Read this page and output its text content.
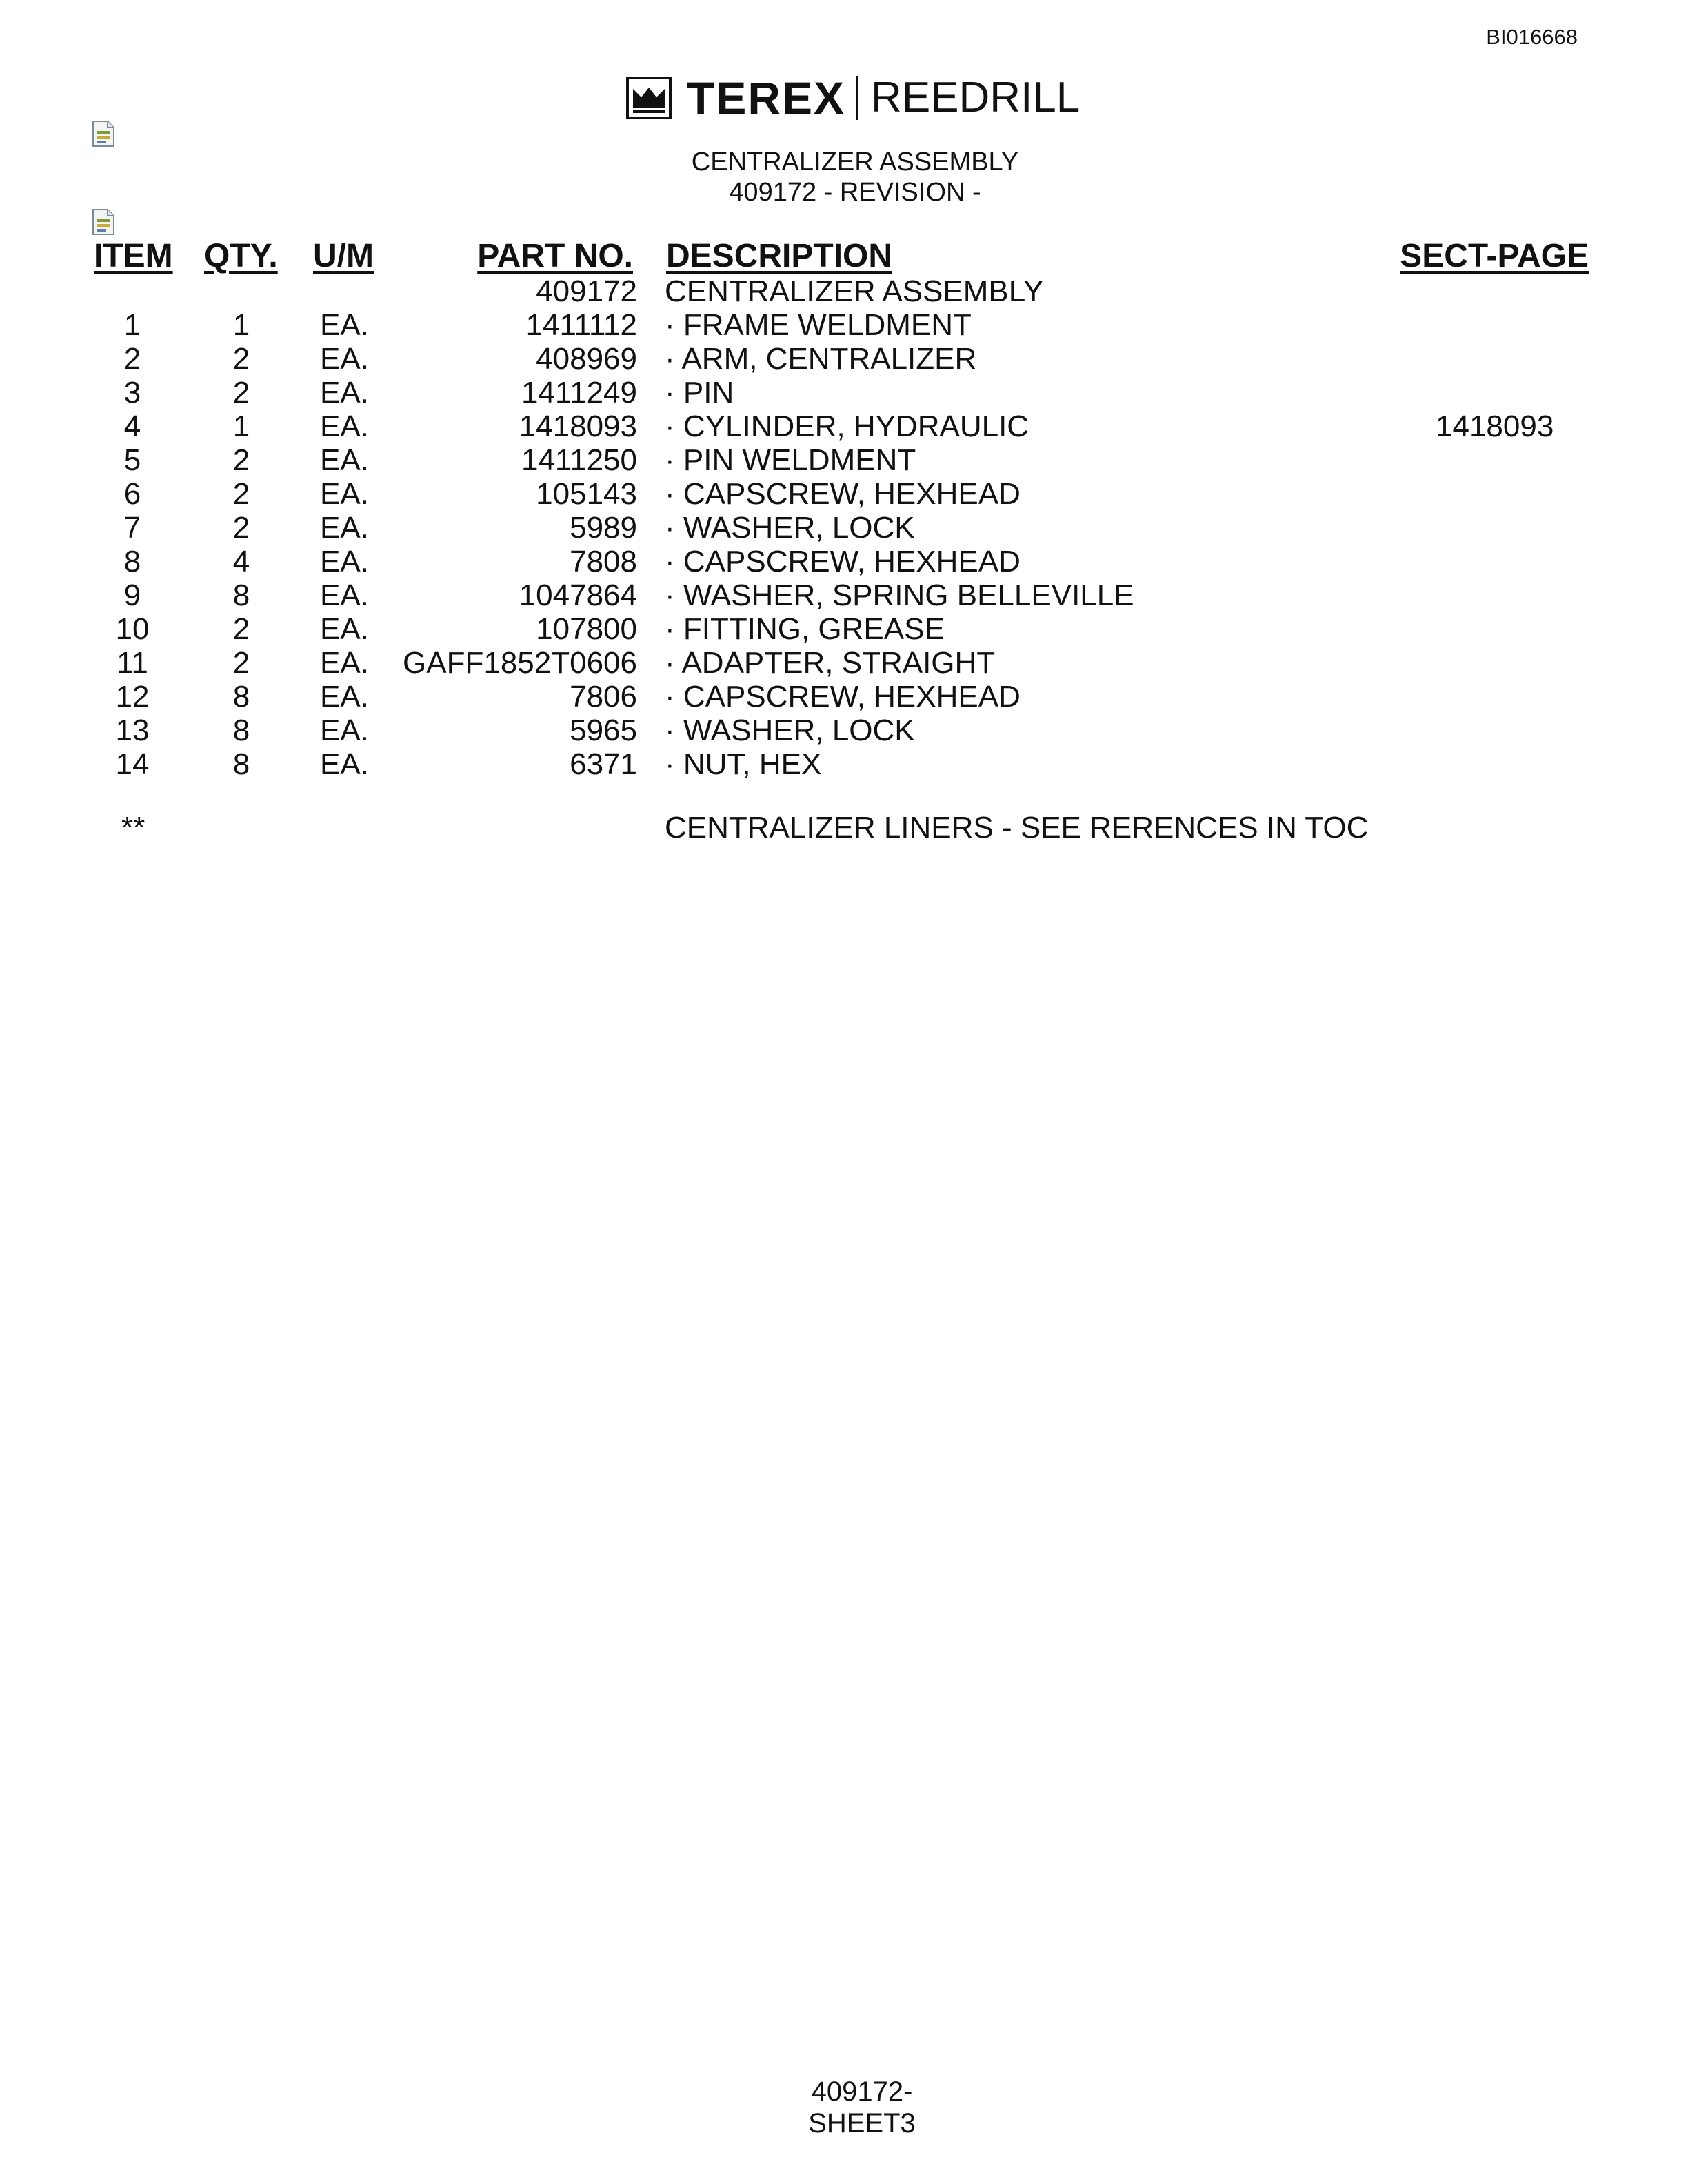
BI016668
TEREX REEDRILL
CENTRALIZER ASSEMBLY
409172 - REVISION -
ITEM QTY. U/M	PART NO. DESCRIPTION	SECT-PAGE
409172 CENTRALIZER ASSEMBLY
1	1	EA.	1411112 · FRAME WELDMENT
2	2	EA.	408969 · ARM, CENTRALIZER
3	2	EA.	1411249 · PIN
4	1	EA.	1418093 · CYLINDER, HYDRAULIC	1418093
5	2	EA.	1411250 · PIN WELDMENT
6	2	EA.	105143 · CAPSCREW, HEXHEAD
7	2	EA.	5989 · WASHER, LOCK
8	4	EA.	7808 · CAPSCREW, HEXHEAD
9	8	EA.	1047864 · WASHER, SPRING BELLEVILLE
10	2	EA.	107800 · FITTING, GREASE
11	2	EA. GAFF1852T0606 · ADAPTER, STRAIGHT
12	8	EA.	7806 · CAPSCREW, HEXHEAD
13	8	EA.	5965 · WASHER, LOCK
14	8	EA.	6371 · NUT, HEX
**	CENTRALIZER LINERS - SEE RERENCES IN TOC
409172-
SHEET3
